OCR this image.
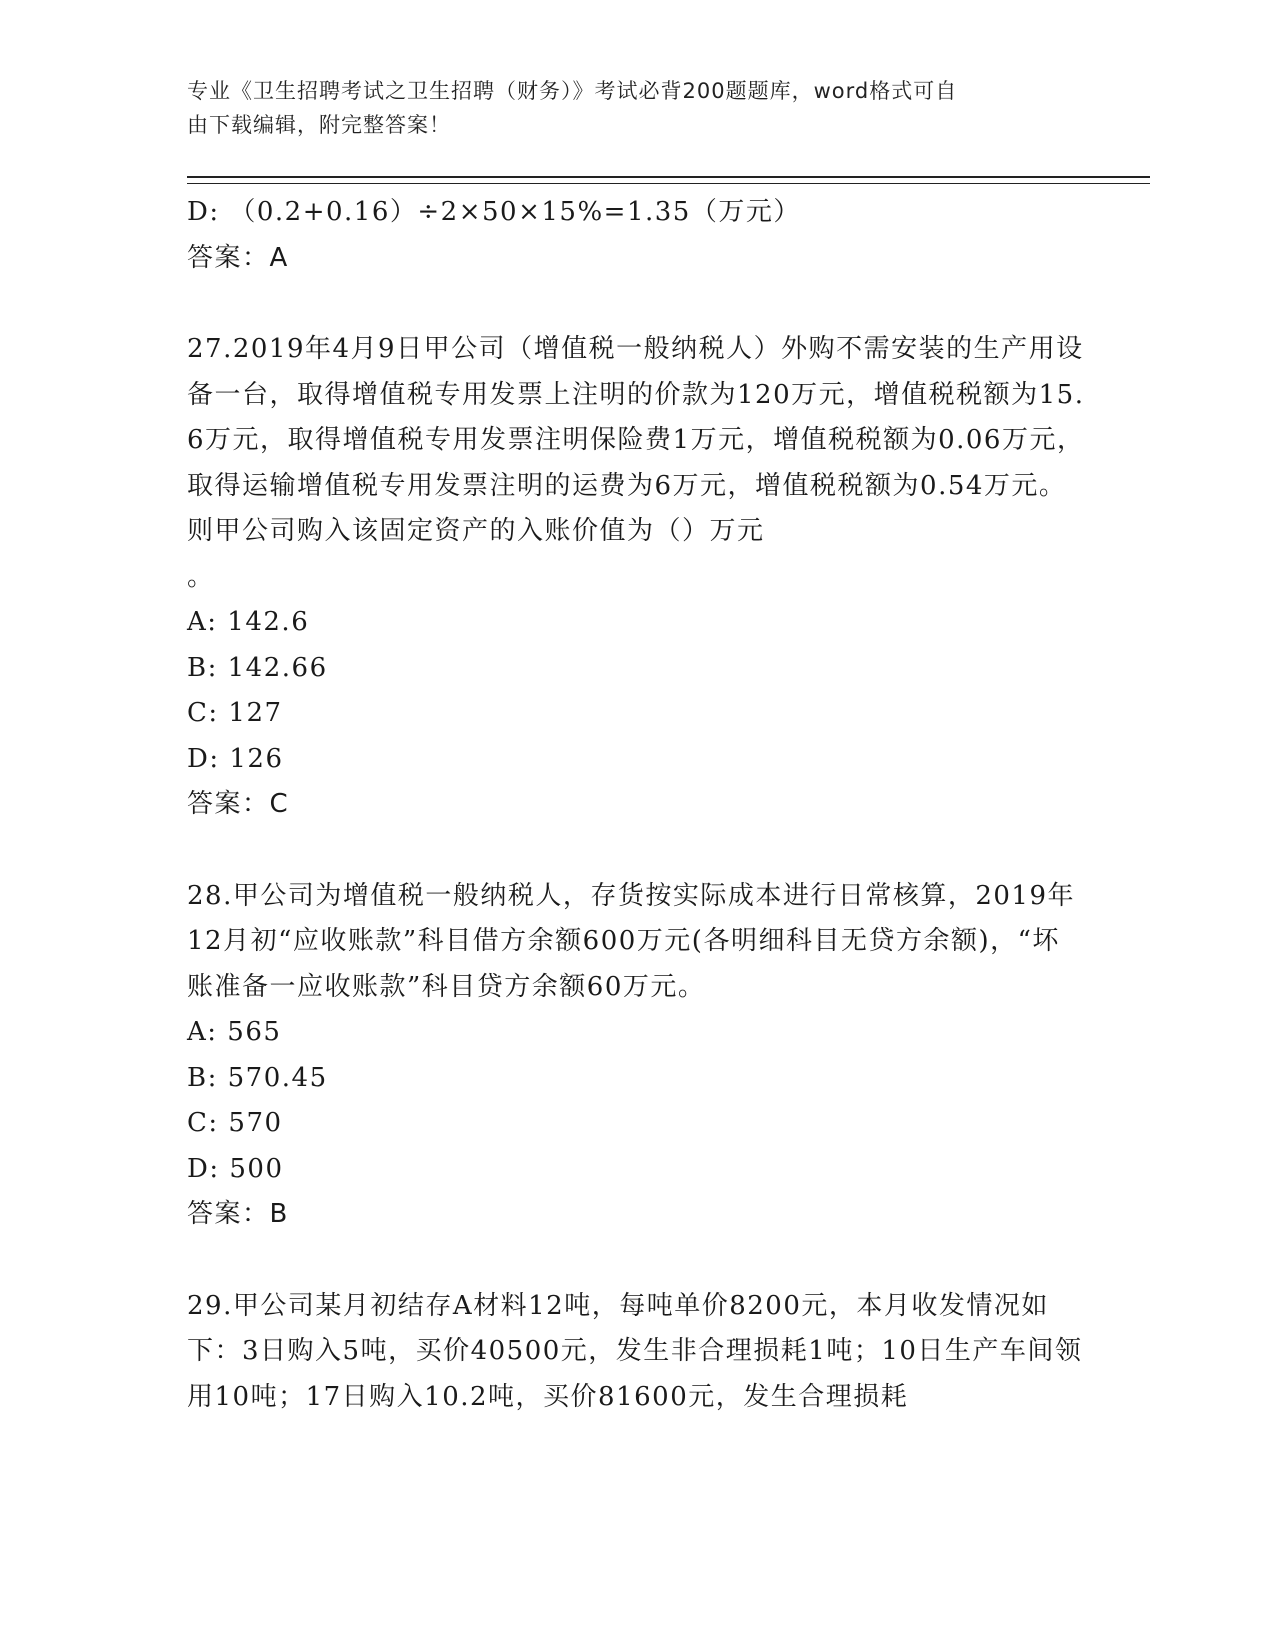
专业《卫生招聘考试之卫生招聘（财务）》考试必背200题题库，word格式可自
由下载编辑，附完整答案！
D: （0.2+0.16）÷2×50×15%=1.35（万元）
答案：A
27.2019年4月9日甲公司（增值税一般纳税人）外购不需安装的生产用设备一台，取得增值税专用发票上注明的价款为120万元，增值税税额为15.6万元，取得增值税专用发票注明保险费1万元，增值税税额为0.06万元，取得运输增值税专用发票注明的运费为6万元，增值税税额为0.54万元。则甲公司购入该固定资产的入账价值为（）万元
。
A: 142.6
B: 142.66
C: 127
D: 126
答案：C
28.甲公司为增值税一般纳税人，存货按实际成本进行日常核算，2019年12月初“应收账款”科目借方余额600万元(各明细科目无贷方余额)，“坏账准备一应收账款”科目贷方余额60万元。
A: 565
B: 570.45
C: 570
D: 500
答案：B
29.甲公司某月初结存A材料12吨，每吨单价8200元，本月收发情况如下：3日购入5吨，买价40500元，发生非合理损耗1吨；10日生产车间领用10吨；17日购入10.2吨，买价81600元，发生合理损耗
